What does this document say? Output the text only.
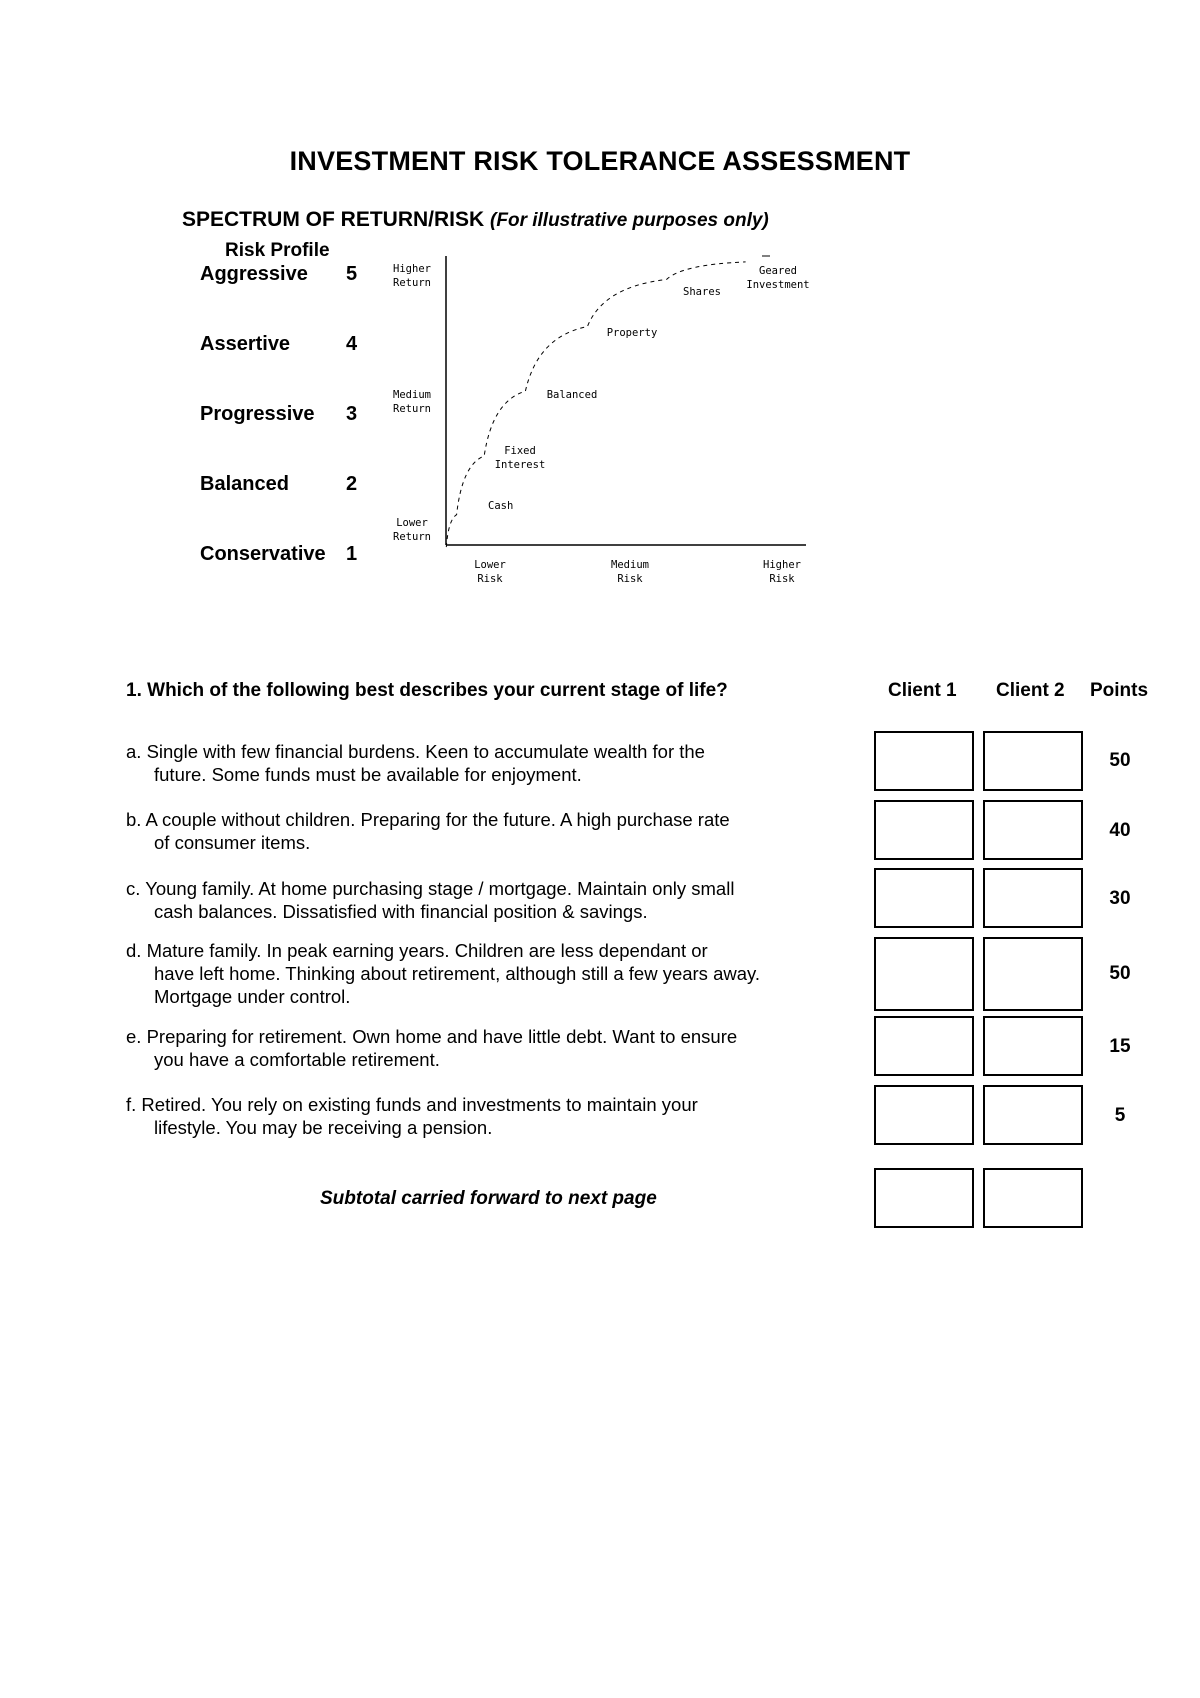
INVESTMENT RISK TOLERANCE ASSESSMENT
SPECTRUM OF RETURN/RISK (For illustrative purposes only)
Risk Profile
Aggressive 5
Assertive	4
Progressive 3
Balanced	2
Conservative 1
Higher
Return
Medium
Return
Lower
Return
Lower
Risk
Medium
Risk
Higher
Risk
Cash
Fixed
Interest
Balanced
Property
Shares
Geared
Investment
1. Which of the following best describes your current stage of life?	Client 1 Client 2 Points
a. Single with few financial burdens. Keen to accumulate wealth for the
future. Some funds must be available for enjoyment.
50
b. A couple without children. Preparing for the future. A high purchase rate
of consumer items.
40
c. Young family. At home purchasing stage / mortgage. Maintain only small
cash balances. Dissatisfied with financial position & savings.
30
d. Mature family. In peak earning years. Children are less dependant or
have left home. Thinking about retirement, although still a few years away.
Mortgage under control.
50
e. Preparing for retirement. Own home and have little debt. Want to ensure
you have a comfortable retirement.
15
f. Retired. You rely on existing funds and investments to maintain your
lifestyle. You may be receiving a pension.
5
Subtotal carried forward to next page
